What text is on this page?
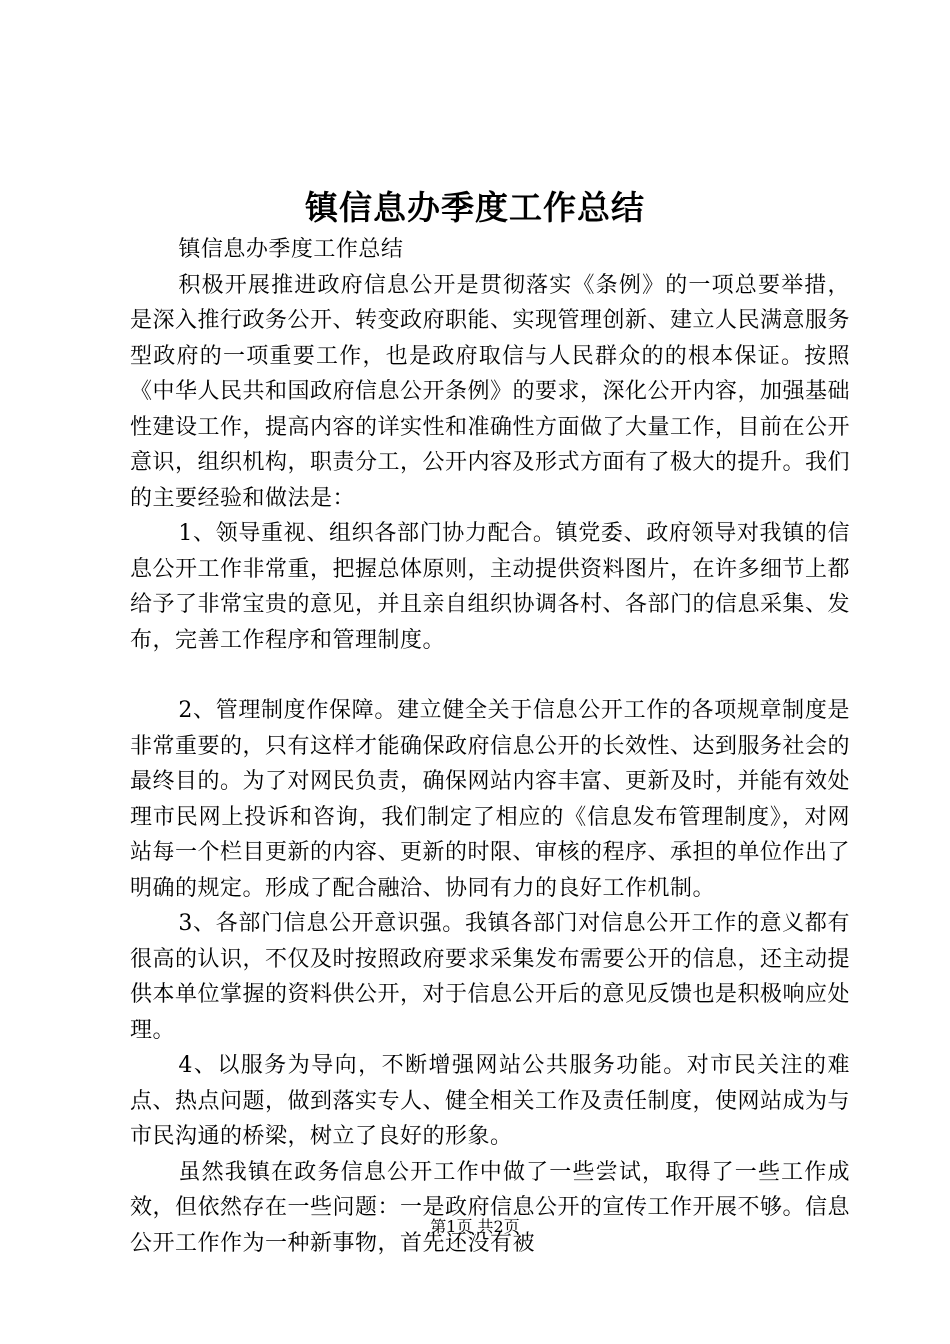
镇信息办季度工作总结

镇信息办季度工作总结

积极开展推进政府信息公开是贯彻落实《条例》的一项总要举措，是深入推行政务公开、转变政府职能、实现管理创新、建立人民满意服务型政府的一项重要工作，也是政府取信与人民群众的的根本保证。按照《中华人民共和国政府信息公开条例》的要求，深化公开内容，加强基础性建设工作，提高内容的详实性和准确性方面做了大量工作，目前在公开意识，组织机构，职责分工，公开内容及形式方面有了极大的提升。我们的主要经验和做法是：

1、领导重视、组织各部门协力配合。镇党委、政府领导对我镇的信息公开工作非常重，把握总体原则，主动提供资料图片，在许多细节上都给予了非常宝贵的意见，并且亲自组织协调各村、各部门的信息采集、发布，完善工作程序和管理制度。

2、管理制度作保障。建立健全关于信息公开工作的各项规章制度是非常重要的，只有这样才能确保政府信息公开的长效性、达到服务社会的最终目的。为了对网民负责，确保网站内容丰富、更新及时，并能有效处理市民网上投诉和咨询，我们制定了相应的《信息发布管理制度》，对网站每一个栏目更新的内容、更新的时限、审核的程序、承担的单位作出了明确的规定。形成了配合融洽、协同有力的良好工作机制。

3、各部门信息公开意识强。我镇各部门对信息公开工作的意义都有很高的认识，不仅及时按照政府要求采集发布需要公开的信息，还主动提供本单位掌握的资料供公开，对于信息公开后的意见反馈也是积极响应处理。

4、以服务为导向，不断增强网站公共服务功能。对市民关注的难点、热点问题，做到落实专人、健全相关工作及责任制度，使网站成为与市民沟通的桥梁，树立了良好的形象。

虽然我镇在政务信息公开工作中做了一些尝试，取得了一些工作成效，但依然存在一些问题：一是政府信息公开的宣传工作开展不够。信息公开工作作为一种新事物，首先还没有被

第1页 共2页
